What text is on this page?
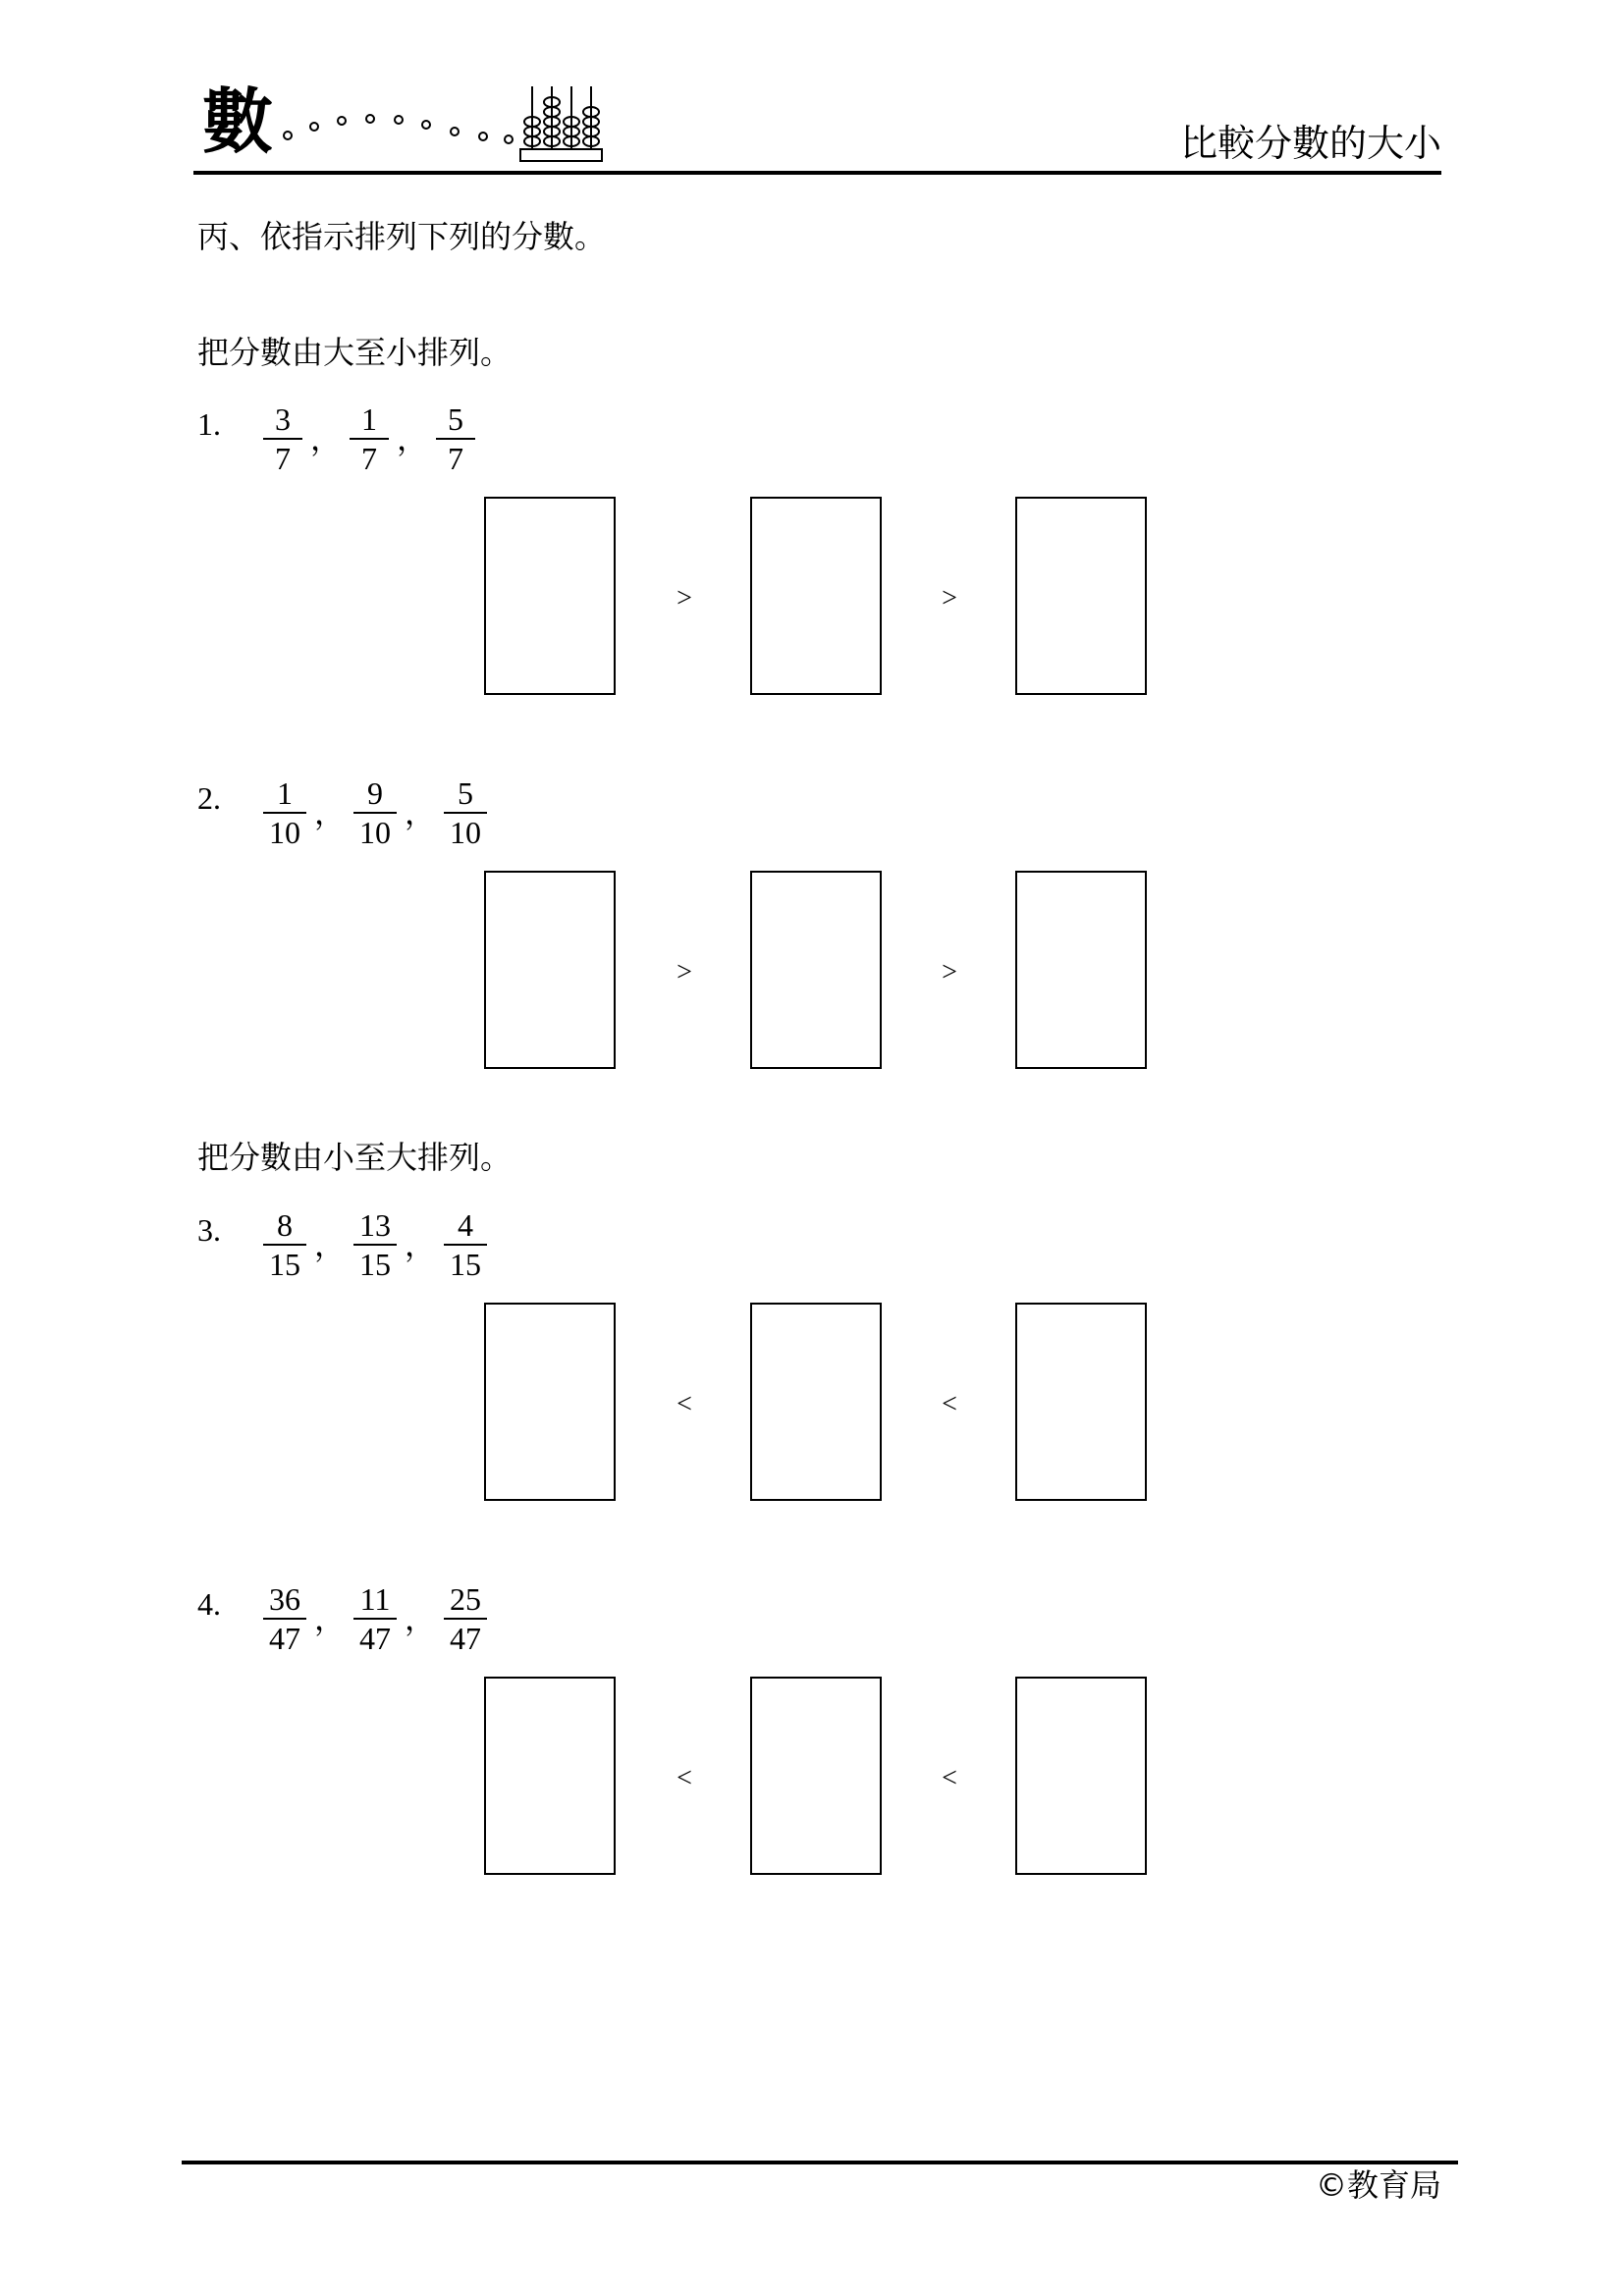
數	比較分數的大小
丙、依指示排列下列的分數。
把分數由大至小排列。
1. $\frac{3}{7}$ ， $\frac{1}{7}$ ， $\frac{5}{7}$
>	>
2. $\frac{1}{10}$ ， $\frac{9}{10}$ ， $\frac{5}{10}$
>	>
把分數由小至大排列。
3. $\frac{8}{15}$ ， $\frac{13}{15}$ ， $\frac{4}{15}$
<	<
4. $\frac{36}{47}$ ， $\frac{11}{47}$ ， $\frac{25}{47}$
<	<
©教育局
